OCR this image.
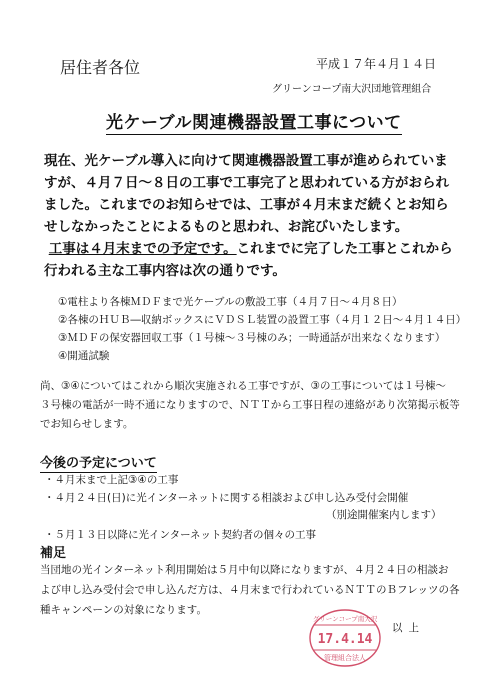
居住者各位	平成１７年４月１４日
グリーンコープ南大沢団地管理組合
光ケーブル関連機器設置工事について
現在、光ケーブル導入に向けて関連機器設置工事が進められていま
すが、４月７日～８日の工事で工事完了と思われている方がおられ
ました。これまでのお知らせでは、工事が４月末まだ続くとお知ら
せしなかったことによるものと思われ、お詫びいたします。
工事は４月末までの予定です。これまでに完了した工事とこれから
行われる主な工事内容は次の通りです。
①電柱より各棟ＭＤＦまで光ケーブルの敷設工事（４月７日～４月８日）
②各棟のＨＵＢ―収納ボックスにＶＤＳＬ装置の設置工事（４月１２日～４月１４日）
③ＭＤＦの保安器回収工事（１号棟～３号棟のみ；一時通話が出来なくなります）
④開通試験
尚、③④についてはこれから順次実施される工事ですが、③の工事については１号棟～
３号棟の電話が一時不通になりますので、ＮＴＴから工事日程の連絡があり次第掲示板等
でお知らせします。
今後の予定について
・４月末まで上記③④の工事
・４月２４日(日)に光インターネットに関する相談および申し込み受付会開催
（別途開催案内します）
・５月１３日以降に光インターネット契約者の個々の工事
補足
当団地の光インターネット利用開始は５月中旬以降になりますが、４月２４日の相談お
よび申し込み受付会で申し込んだ方は、４月末まで行われているＮＴＴのＢフレッツの各
種キャンペーンの対象になります。
以上
グリーンコープ南大沢
17.4.14
管理組合法人
